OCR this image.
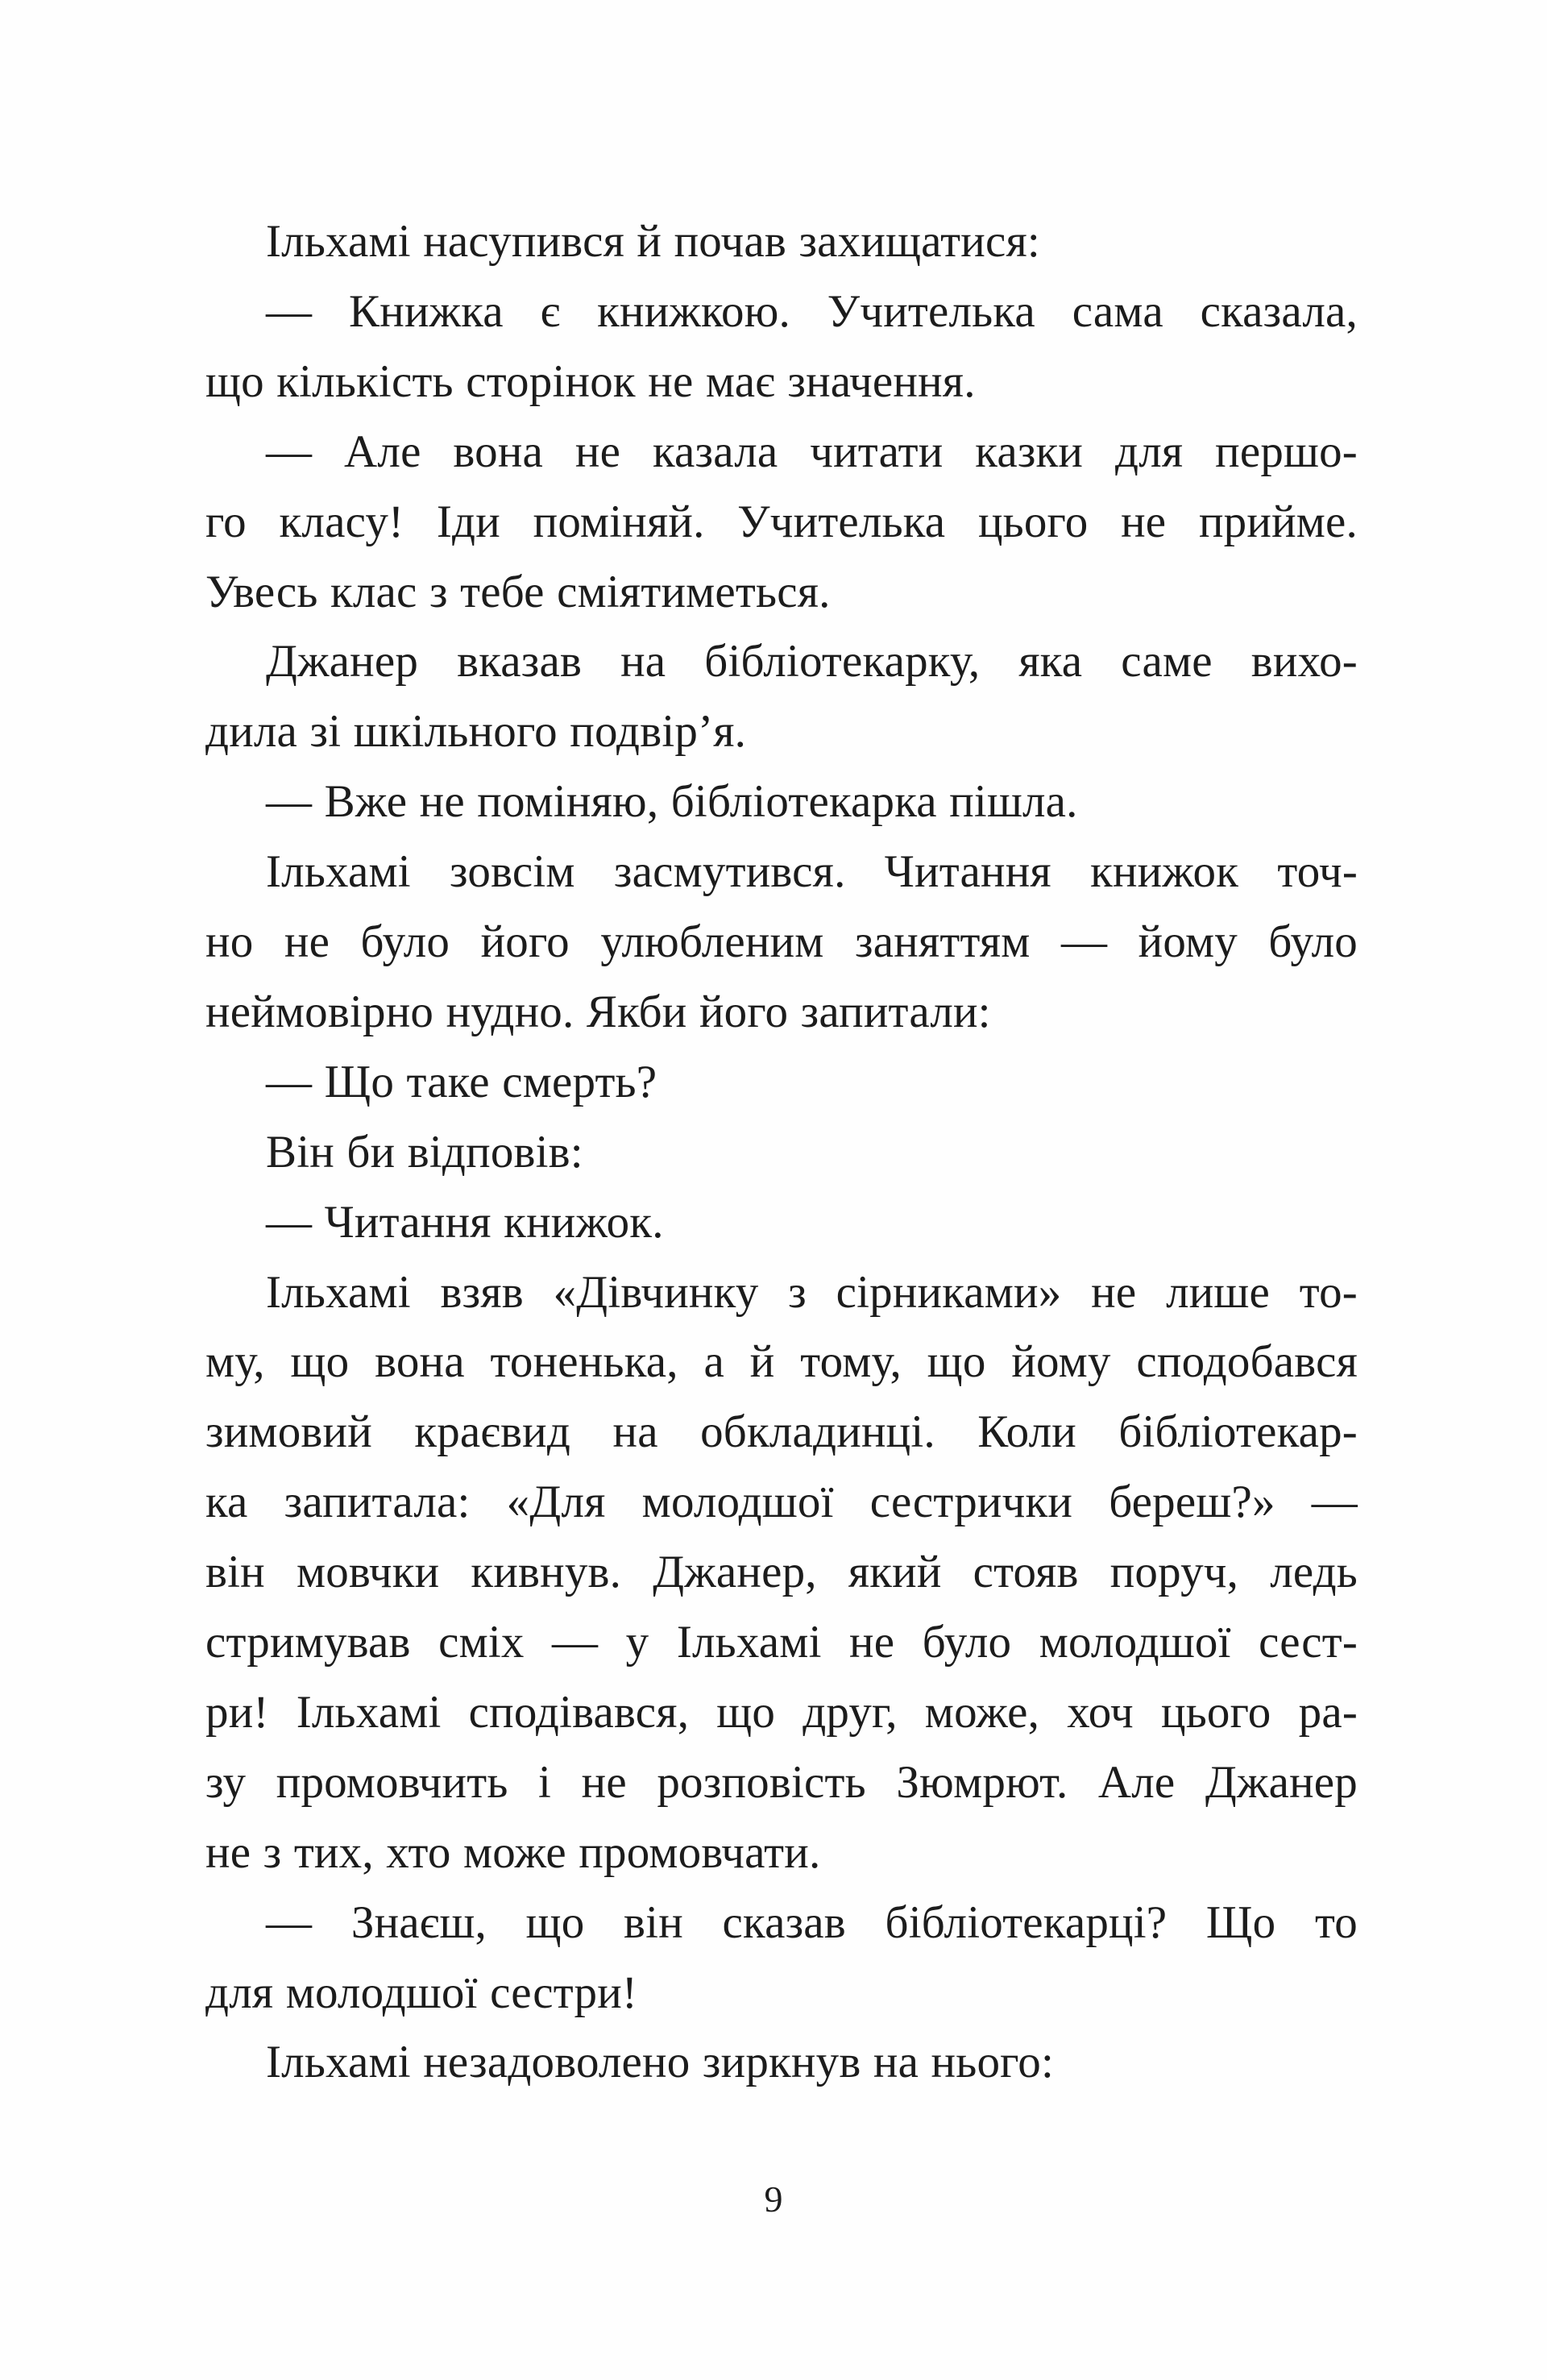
Ільхамі насупився й почав захищатися:
— Книжка є книжкою. Учителька сама сказала,
що кількість сторінок не має значення.
— Але вона не казала читати казки для першо-
го класу! Іди поміняй. Учителька цього не прийме.
Увесь клас з тебе сміятиметься.
Джанер вказав на бібліотекарку, яка саме вихо-
дила зі шкільного подвір’я.
— Вже не поміняю, бібліотекарка пішла.
Ільхамі зовсім засмутився. Читання книжок точ-
но не було його улюбленим заняттям — йому було
неймовірно нудно. Якби його запитали:
— Що таке смерть?
Він би відповів:
— Читання книжок.
Ільхамі взяв «Дівчинку з сірниками» не лише то-
му, що вона тоненька, а й тому, що йому сподобався
зимовий краєвид на обкладинці. Коли бібліотекар-
ка запитала: «Для молодшої сестрички береш?» —
він мовчки кивнув. Джанер, який стояв поруч, ледь
стримував сміх — у Ільхамі не було молодшої сест-
ри! Ільхамі сподівався, що друг, може, хоч цього ра-
зу промовчить і не розповість Зюмрют. Але Джанер
не з тих, хто може промовчати.
— Знаєш, що він сказав бібліотекарці? Що то
для молодшої сестри!
Ільхамі незадоволено зиркнув на нього:
9
